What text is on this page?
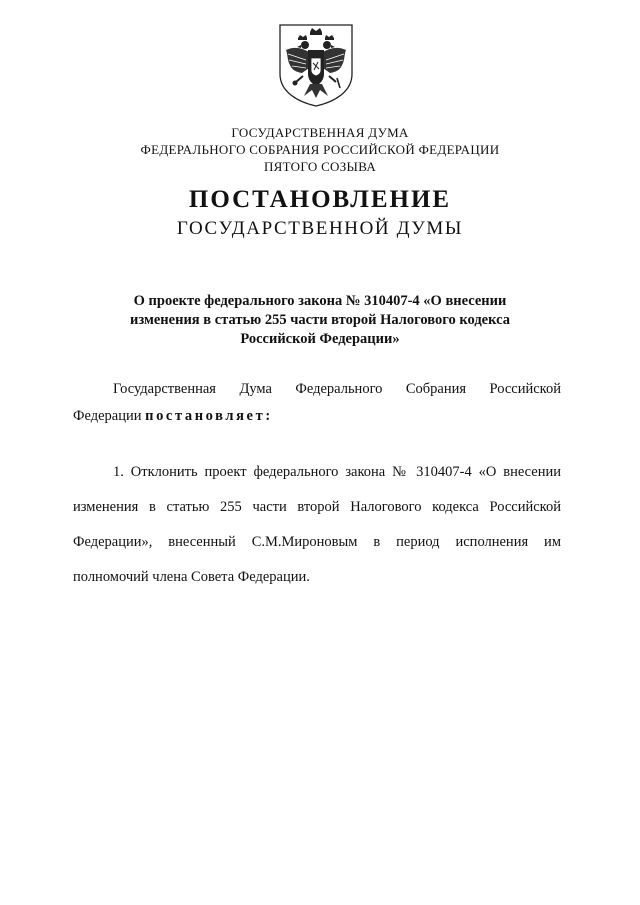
ГОСУДАРСТВЕННАЯ ДУМА
ФЕДЕРАЛЬНОГО СОБРАНИЯ РОССИЙСКОЙ ФЕДЕРАЦИИ
ПЯТОГО СОЗЫВА
ПОСТАНОВЛЕНИЕ
ГОСУДАРСТВЕННОЙ ДУМЫ
О проекте федерального закона № 310407-4 «О внесении
изменения в статью 255 части второй Налогового кодекса
Российской Федерации»
Государственная Дума Федерального Собрания Российской
Федерации постановляет:
1. Отклонить проект федерального закона № 310407-4 «О внесении
изменения в статью 255 части второй Налогового кодекса Российской
Федерации», внесенный С.М.Мироновым в период исполнения им
полномочий члена Совета Федерации.
